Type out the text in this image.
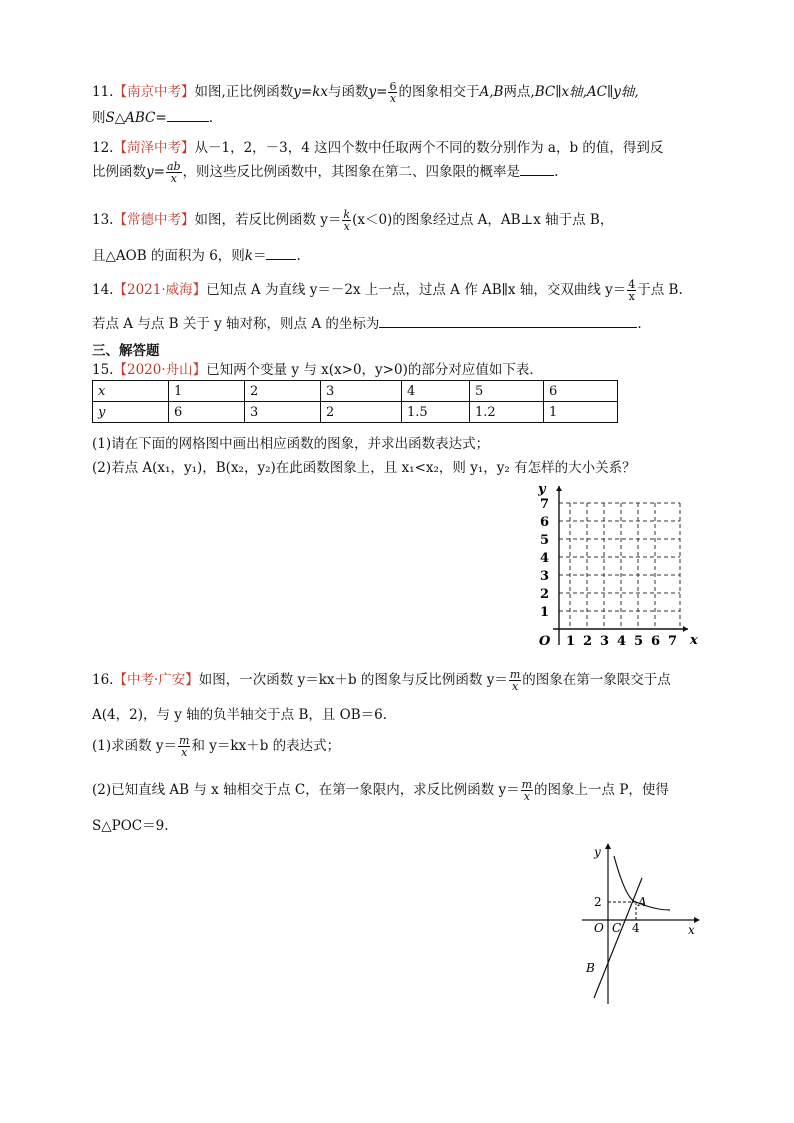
11.【南京中考】如图,正比例函数y=kx与函数$y= \frac{6}{x}$ 的图象相交于A,B两点,BC∥x轴,AC∥y轴,
则S△ABC=	.
12.【菏泽中考】从－1，2，－3，4 这四个数中任取两个不同的数分别作为 a，b 的值，得到反
比例函数$y= \frac{ab}{x}$ ，则这些反比例函数中，其图象在第二、四象限的概率是	.
13.【常德中考】如图，若反比例函数 $y= \frac{k}{x} (x<0)$的图象经过点 A，AB⊥x 轴于点 B，
且△AOB 的面积为 6，则k＝ .
14.【2021·威海】已知点 A 为直线 y＝－2x 上一点，过点 A 作 AB∥x 轴，交双曲线 $y= \frac{4}{x}$ 于点 B.
若点 A 与点 B 关于 y 轴对称，则点 A 的坐标为	.
三、解答题
15.【2020·舟山】已知两个变量 y 与 x(x>0，y>0)的部分对应值如下表．
x	1	2	3	4	5	6
y	6	3	2	1.5	1.2	1
(1)请在下面的网格图中画出相应函数的图象，并求出函数表达式；
(2)若点 A(x₁，y₁)，B(x₂，y₂)在此函数图象上，且 x₁<x₂，则 y₁，y₂ 有怎样的大小关系？
y
x
O
7
6
5
4
3
2
1
1 2 3 4 5 6 7
16.【中考·广安】如图，一次函数 y＝kx＋b 的图象与反比例函数 $y= \frac{m}{x}$ 的图象在第一象限交于点
A(4，2)，与 y 轴的负半轴交于点 B，且 OB＝6.
(1)求函数 $y= \frac{m}{x}$ 和 y＝kx＋b 的表达式；
(2)已知直线 AB 与 x 轴相交于点 C，在第一象限内，求反比例函数 $y= \frac{m}{x}$ 的图象上一点 P，使得
S△POC＝9.
y
x
O C
A
B
2
4
